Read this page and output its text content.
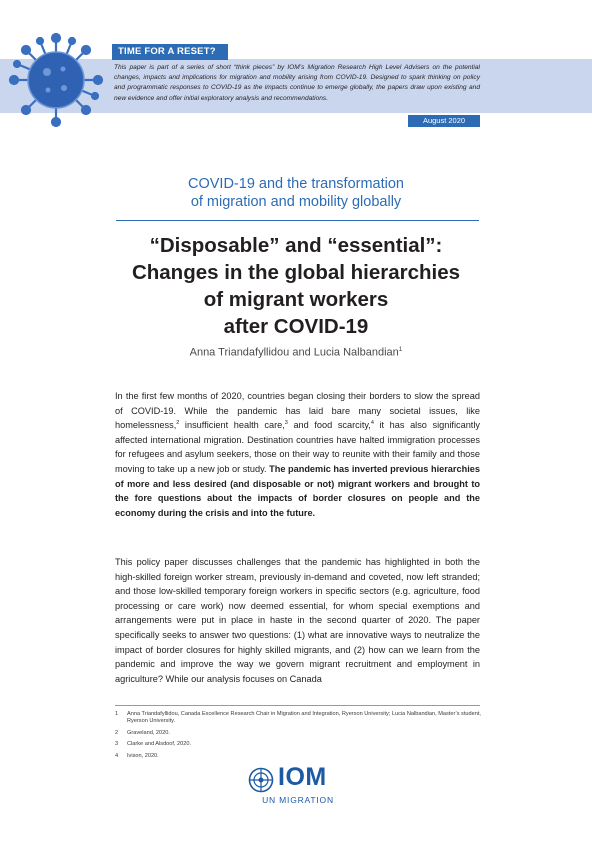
TIME FOR A RESET?
This paper is part of a series of short “think pieces” by IOM’s Migration Research High Level Advisers on the potential changes, impacts and implications for migration and mobility arising from COVID-19. Designed to spark thinking on policy and programmatic responses to COVID-19 as the impacts continue to emerge globally, the papers draw upon existing and new evidence and offer initial exploratory analysis and recommendations.
August 2020
COVID-19 and the transformation
of migration and mobility globally
“Disposable” and “essential”:
Changes in the global hierarchies
of migrant workers
after COVID-19
Anna Triandafyllidou and Lucia Nalbandian$^1$
In the first few months of 2020, countries began closing their borders to slow the spread of COVID-19. While the pandemic has laid bare many societal issues, like homelessness,$^2$ insufficient health care,$^3$ and food scarcity,$^4$ it has also significantly affected international migration. Destination countries have halted immigration processes for refugees and asylum seekers, those on their way to reunite with their family and those moving to take up a new job or study. The pandemic has inverted previous hierarchies of more and less desired (and disposable or not) migrant workers and brought to the fore questions about the impacts of border closures on people and the economy during the crisis and into the future.
This policy paper discusses challenges that the pandemic has highlighted in both the high-skilled foreign worker stream, previously in-demand and coveted, now left stranded; and those low-skilled temporary foreign workers in specific sectors (e.g. agriculture, food processing or care work) now deemed essential, for whom special exemptions and arrangements were put in place in haste in the second quarter of 2020. The paper specifically seeks to answer two questions: (1) what are innovative ways to neutralize the impact of border closures for highly skilled migrants, and (2) how can we learn from the pandemic and improve the way we govern migrant recruitment and employment in agriculture? While our analysis focuses on Canada
1	Anna Triandafyllidou, Canada Excellence Research Chair in Migration and Integration, Ryerson University; Lucia Nalbandian, Master’s student, Ryerson University.
2	Graveland, 2020.
3	Clarke and Alsdoof, 2020.
4	Ivison, 2020.
IOM
UN MIGRATION
